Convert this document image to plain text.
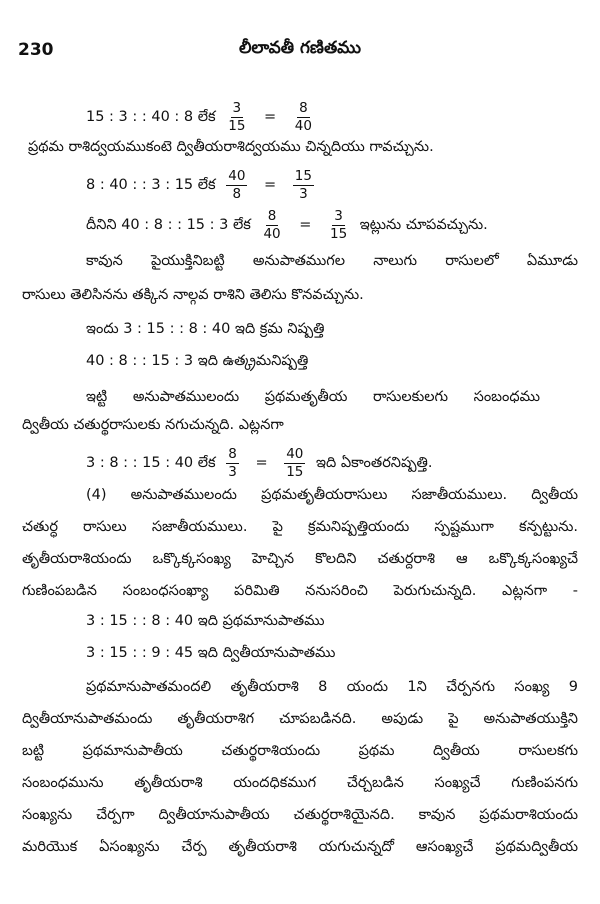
230	లీలావతీ గణితము
15 : 3 : : 40 : 8 లేక $\frac{3}{15} = \frac{8}{40}$
ప్రథమ రాశిద్వయముకంటె ద్వితీయరాశిద్వయము చిన్నదియు గావచ్చును.
8 : 40 : : 3 : 15 లేక $\frac{40}{8} = \frac{15}{3}$
దీనిని 40 : 8 : : 15 : 3 లేక $\frac{8}{40} = \frac{3}{15}$ ఇట్లును చూపవచ్చును.
కావున పైయుక్తినిబట్టి అనుపాతముగల నాలుగు రాసులలో ఏమూడు
రాసులు తెలిసినను తక్కిన నాల్గవ రాశిని తెలిసు కొనవచ్చును.
ఇందు 3 : 15 : : 8 : 40 ఇది క్రమ నిష్పత్తి
40 : 8 : : 15 : 3 ఇది ఉత్క్రమనిష్పత్తి
ఇట్టి అనుపాతములందు ప్రథమతృతీయ రాసులకులగు సంబంధము
ద్వితీయ చతుర్థరాసులకు నగుచున్నది. ఎట్లనగా
3 : 8 : : 15 : 40 లేక $\frac{8}{3} = \frac{40}{15}$ ఇది ఏకాంతరనిష్పత్తి.
(4) అనుపాతములందు ప్రథమతృతీయరాసులు సజాతీయములు. ద్వితీయ
చతుర్ధ రాసులు సజాతీయములు. పై క్రమనిష్పత్తియందు స్పష్టముగా కన్పట్టును.
తృతీయరాశియందు ఒక్కొక్కసంఖ్య హెచ్చిన కొలదిని చతుర్దరాశి ఆ ఒక్కొక్కసంఖ్యచే
గుణింపబడిన సంబంధసంఖ్యా పరిమితి ననుసరించి పెరుగుచున్నది. ఎట్లనగా -
3 : 15 : : 8 : 40 ఇది ప్రథమానుపాతము
3 : 15 : : 9 : 45 ఇది ద్వితీయానుపాతము
ప్రథమానుపాతమందలి తృతీయరాశి 8 యందు 1ని చేర్పనగు సంఖ్య 9
ద్వితీయానుపాతమందు తృతీయరాశిగ చూపబడినది. అపుడు పై అనుపాతయుక్తిని
బట్టి ప్రథమానుపాతీయ చతుర్థరాశియందు ప్రథమ ద్వితీయ రాసులకగు
సంబంధమును తృతీయరాశి యందధికముగ చేర్చబడిన సంఖ్యచే గుణింపనగు
సంఖ్యను చేర్పగా ద్వితీయానుపాతీయ చతుర్థరాశియైనది. కావున ప్రథమరాశియందు
మరియొక ఏసంఖ్యను చేర్ప తృతీయరాశి యగుచున్నదో ఆసంఖ్యచే ప్రథమద్వితీయ
